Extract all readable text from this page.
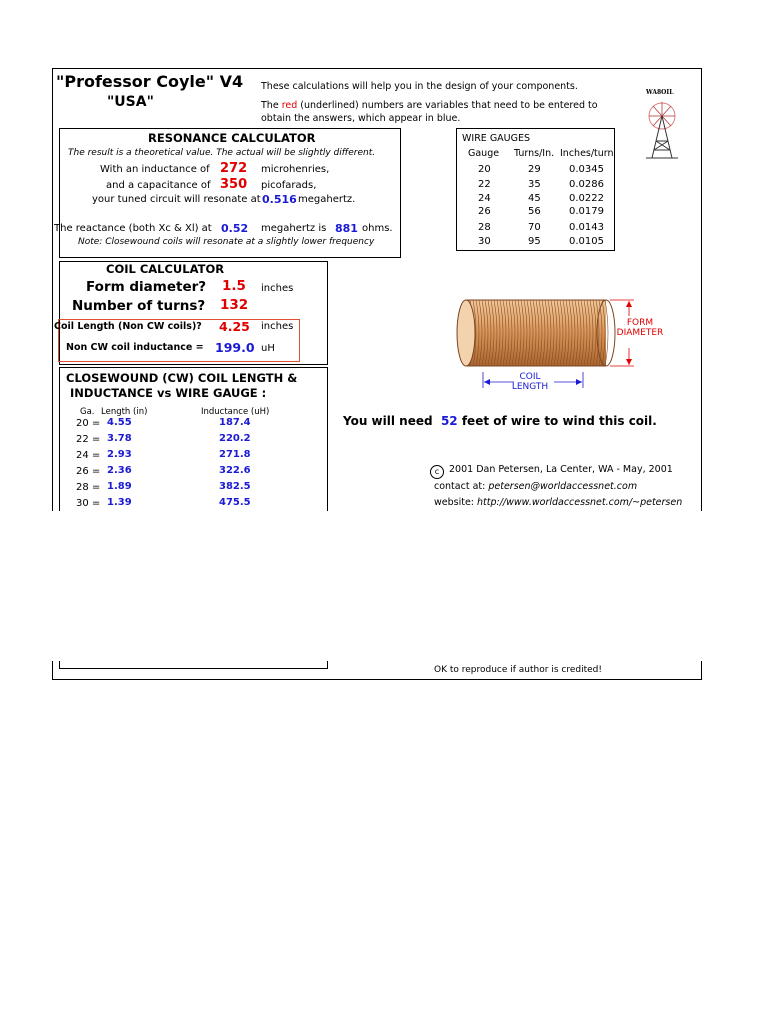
"Professor Coyle" V4
"USA"
These calculations will help you in the design of your components.
The red (underlined) numbers are variables that need to be entered to
obtain the answers, which appear in blue.
WA8OIL
RESONANCE CALCULATOR
The result is a theoretical value. The actual will be slightly different.
With an inductance of 272 microhenries,
and a capacitance of 350 picofarads,
your tuned circuit will resonate at 0.516 megahertz.
The reactance (both Xc & Xl) at 0.52 megahertz is 881 ohms.
Note: Closewound coils will resonate at a slightly lower frequency
WIRE GAUGES
Gauge Turns/In. Inches/turn
20	29	0.0345
22	35	0.0286
24	45	0.0222
26	56	0.0179
28	70	0.0143
30	95	0.0105
COIL CALCULATOR
Form diameter? 1.5 inches
Number of turns? 132
Coil Length (Non CW coils)? 4.25 inches
Non CW coil inductance = 199.0 uH
CLOSEWOUND (CW) COIL LENGTH &
INDUCTANCE vs WIRE GAUGE :
Ga. Length (in)	Inductance (uH)
20 = 4.55	187.4
22 = 3.78	220.2
24 = 2.93	271.8
26 = 2.36	322.6
28 = 1.89	382.5
30 = 1.39	475.5
FORM
DIAMETER
COIL
LENGTH
You will need 52 feet of wire to wind this coil.
c	2001 Dan Petersen, La Center, WA - May, 2001
contact at: petersen@worldaccessnet.com
website: http://www.worldaccessnet.com/~petersen
OK to reproduce if author is credited!
